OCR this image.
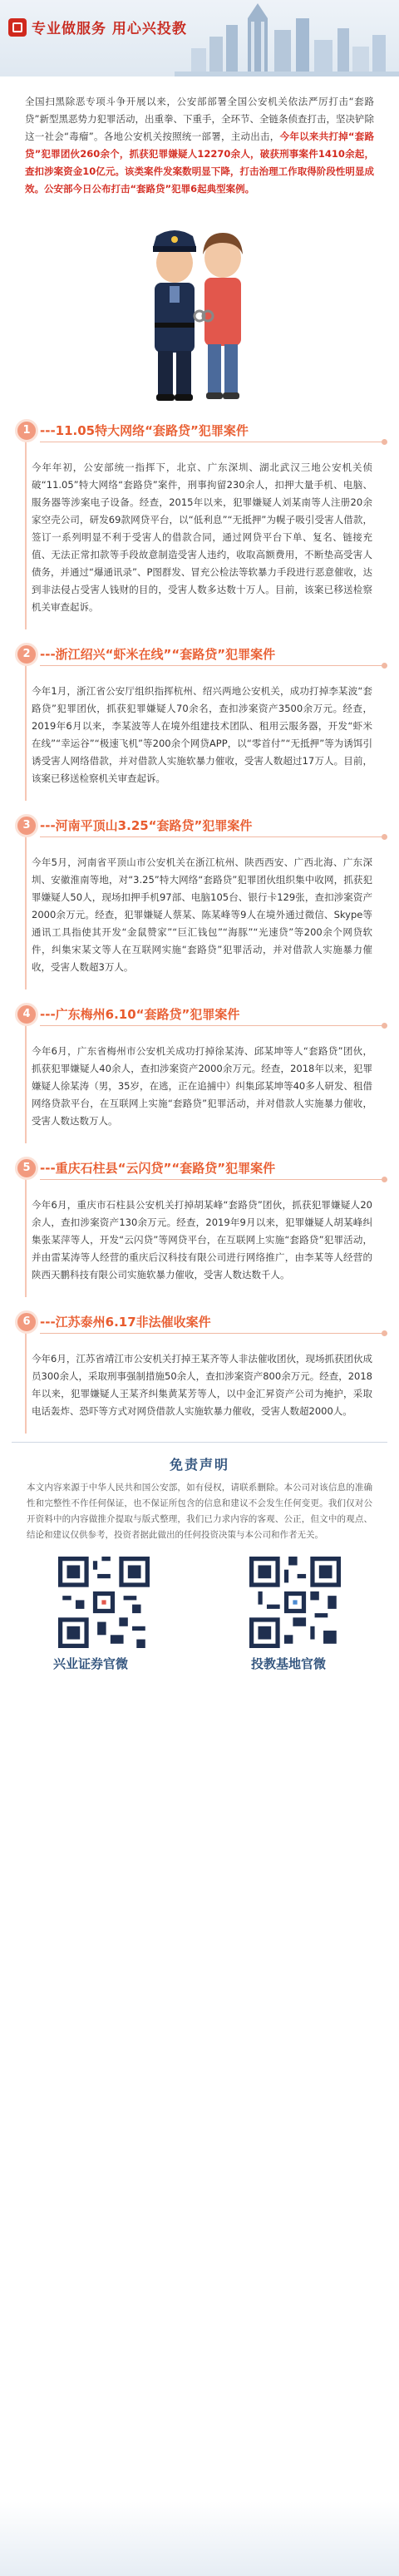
专业做服务 用心兴投教
全国扫黑除恶专项斗争开展以来，公安部部署全国公安机关依法严厉打击“套路贷”新型黑恶势力犯罪活动，出重拳、下重手，全环节、全链条侦查打击，坚决铲除这一社会“毒瘤”。各地公安机关按照统一部署，主动出击，今年以来共打掉“套路贷”犯罪团伙260余个，抓获犯罪嫌疑人12270余人，破获刑事案件1410余起，查扣涉案资金10亿元。该类案件发案数明显下降，打击治理工作取得阶段性明显成效。公安部今日公布打击“套路贷”犯罪6起典型案例。
1 ---11.05特大网络“套路贷”犯罪案件
今年年初，公安部统一指挥下，北京、广东深圳、湖北武汉三地公安机关侦破“11.05”特大网络“套路贷”案件，刑事拘留230余人，扣押大量手机、电脑、服务器等涉案电子设备。经查，2015年以来，犯罪嫌疑人刘某南等人注册20余家空壳公司，研发69款网贷平台，以“低利息”“无抵押”为幌子吸引受害人借款，签订一系列明显不利于受害人的借款合同，通过网贷平台下单、复名、链接充值、无法正常扣款等手段故意制造受害人违约，收取高额费用，不断垫高受害人债务，并通过“爆通讯录”、P图群发、冒充公检法等软暴力手段进行恶意催收，达到非法侵占受害人钱财的目的，受害人数多达数十万人。目前，该案已移送检察机关审查起诉。
2 ---浙江绍兴“虾米在线”“套路贷”犯罪案件
今年1月，浙江省公安厅组织指挥杭州、绍兴两地公安机关，成功打掉李某波“套路贷”犯罪团伙，抓获犯罪嫌疑人70余名，查扣涉案资产3500余万元。经查，2019年6月以来，李某波等人在境外组建技术团队、租用云服务器，开发“虾米在线”“幸运谷”“极速飞机”等200余个网贷APP，以“零首付”“无抵押”等为诱饵引诱受害人网络借款，并对借款人实施软暴力催收，受害人数超过17万人。目前，该案已移送检察机关审查起诉。
3 ---河南平顶山3.25“套路贷”犯罪案件
今年5月，河南省平顶山市公安机关在浙江杭州、陕西西安、广西北海、广东深圳、安徽淮南等地，对“3.25”特大网络“套路贷”犯罪团伙组织集中收网，抓获犯罪嫌疑人50人，现场扣押手机97部、电脑105台、银行卡129张，查扣涉案资产2000余万元。经查，犯罪嫌疑人蔡某、陈某峰等9人在境外通过微信、Skype等通讯工具指使其开发“金鼠赞家”“巨汇钱包”“海豚”“光速贷”等200余个网贷软件，纠集宋某文等人在互联网实施“套路贷”犯罪活动，并对借款人实施暴力催收，受害人数超3万人。
4 ---广东梅州6.10“套路贷”犯罪案件
今年6月，广东省梅州市公安机关成功打掉徐某涛、邱某坤等人“套路贷”团伙，抓获犯罪嫌疑人40余人，查扣涉案资产2000余万元。经查，2018年以来，犯罪嫌疑人徐某涛（男，35岁，在逃，正在追捕中）纠集邱某坤等40多人研发、租借网络贷款平台，在互联网上实施“套路贷”犯罪活动，并对借款人实施暴力催收，受害人数达数万人。
5 ---重庆石柱县“云闪贷”“套路贷”犯罪案件
今年6月，重庆市石柱县公安机关打掉胡某峰“套路贷”团伙，抓获犯罪嫌疑人20余人，查扣涉案资产130余万元。经查，2019年9月以来，犯罪嫌疑人胡某峰纠集张某萍等人，开发“云闪贷”等网贷平台，在互联网上实施“套路贷”犯罪活动，并由雷某涛等人经营的重庆后汉科技有限公司进行网络推广，由李某等人经营的陕西天鹏科技有限公司实施软暴力催收，受害人数达数千人。
6 ---江苏泰州6.17非法催收案件
今年6月，江苏省靖江市公安机关打掉王某齐等人非法催收团伙，现场抓获团伙成员300余人，采取刑事强制措施50余人，查扣涉案资产800余万元。经查，2018年以来，犯罪嫌疑人王某齐纠集黄某芳等人，以中金汇昇资产公司为掩护，采取电话轰炸、恐吓等方式对网贷借款人实施软暴力催收，受害人数超2000人。
免责声明
本文内容来源于中华人民共和国公安部，如有侵权，请联系删除。本公司对该信息的准确性和完整性不作任何保证，也不保证所包含的信息和建议不会发生任何变更。我们仅对公开资料中的内容做推介提取与版式整理，我们已力求内容的客观、公正，但文中的观点、结论和建议仅供参考，投资者据此做出的任何投资决策与本公司和作者无关。
兴业证券官微	投教基地官微
